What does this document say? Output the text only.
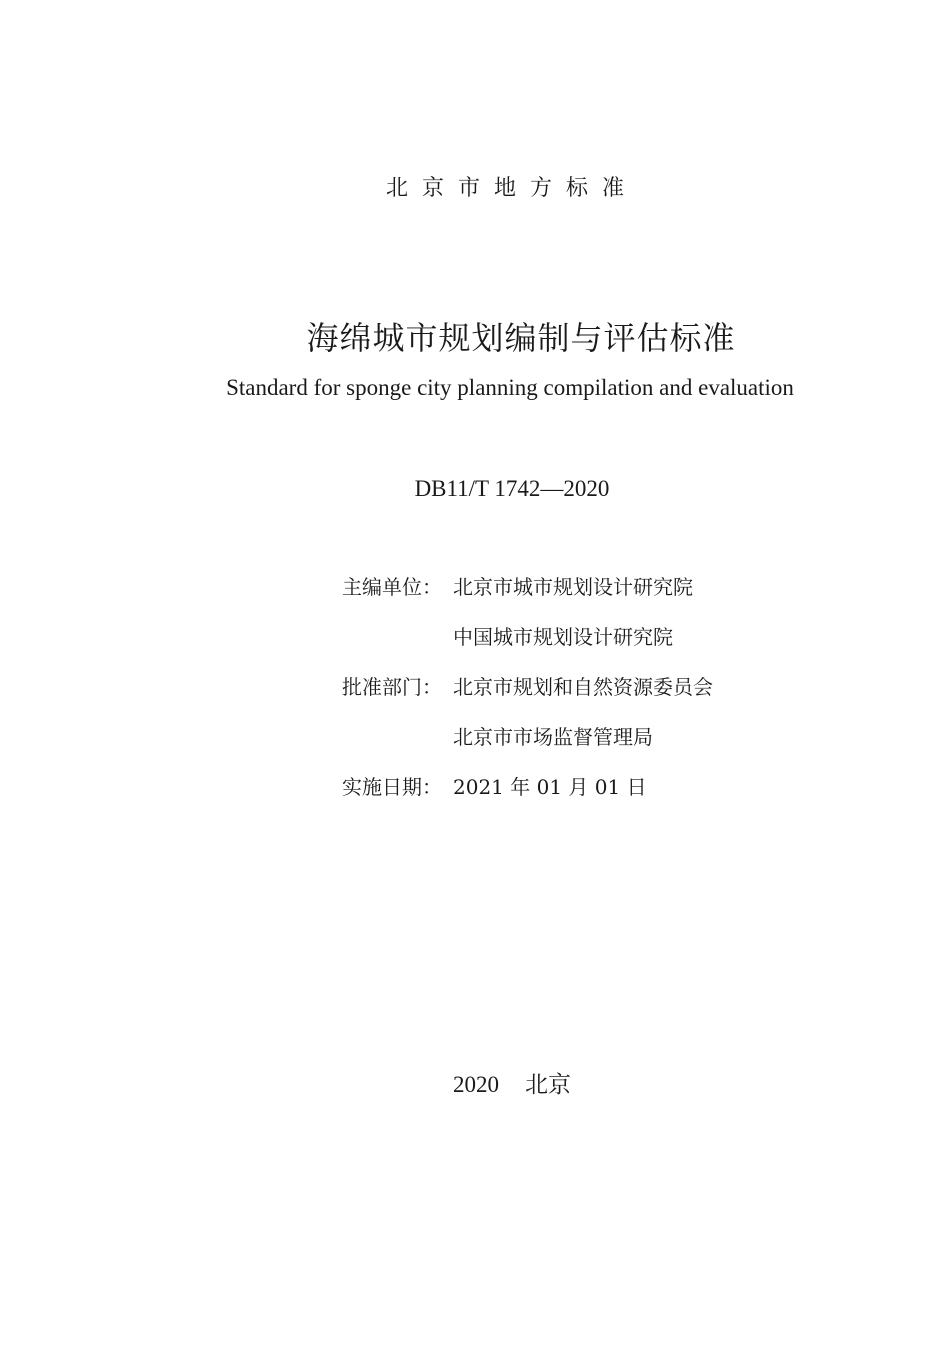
北京市地方标准
海绵城市规划编制与评估标准
Standard for sponge city planning compilation and evaluation
DB11/T 1742—2020
主编单位： 北京市城市规划设计研究院
中国城市规划设计研究院
批准部门： 北京市规划和自然资源委员会
北京市市场监督管理局
实施日期： 2021 年 01 月 01 日
2020 北京
